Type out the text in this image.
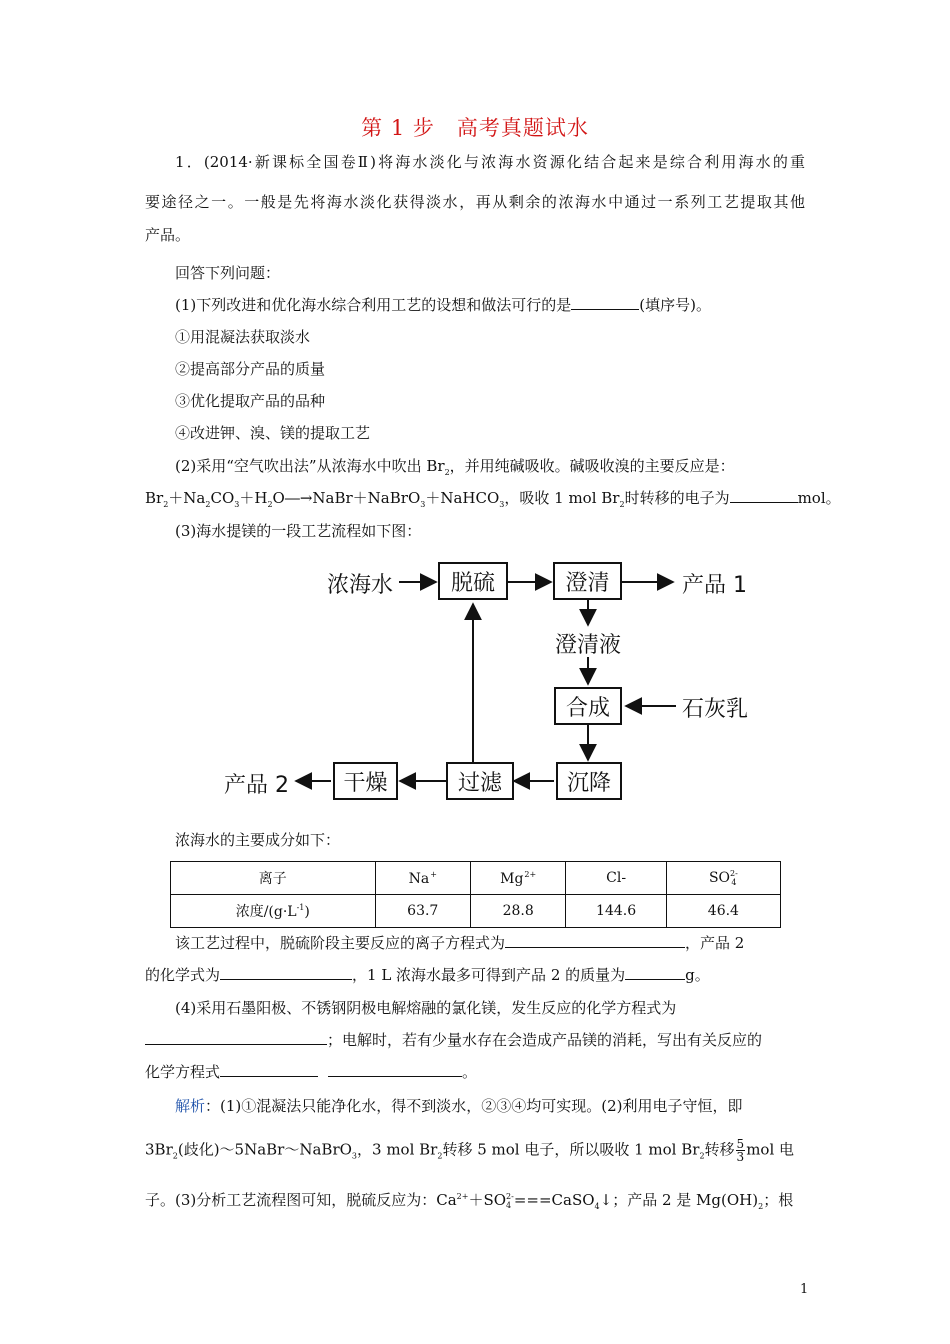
第 1 步　高考真题试水
1．(2014·新课标全国卷Ⅱ)将海水淡化与浓海水资源化结合起来是综合利用海水的重
要途径之一。一般是先将海水淡化获得淡水，再从剩余的浓海水中通过一系列工艺提取其他
产品。
回答下列问题：
(1)下列改进和优化海水综合利用工艺的设想和做法可行的是	(填序号)。
①用混凝法获取淡水
②提高部分产品的质量
③优化提取产品的品种
④改进钾、溴、镁的提取工艺
(2)采用“空气吹出法”从浓海水中吹出 $Br_2$，并用纯碱吸收。碱吸收溴的主要反应是：
$Br_2+Na_2CO_3+H_2O―\to NaBr+NaBrO_3+NaHCO_3$，吸收 1 mol $Br_2$时转移的电子为	mol。
(3)海水提镁的一段工艺流程如下图：
浓海水	脱硫	澄清	产品 1
澄清液
合成	石灰乳
沉降
过滤
干燥
产品 2
浓海水的主要成分如下：
离子	Na+	$Mg^{2+}$	Cl-	SO 2-
4

浓度$/(g\cdot L^{-1})$	63.7	28.8	144.6	46.4
该工艺过程中，脱硫阶段主要反应的离子方程式为	，产品 2
的化学式为	，1 L 浓海水最多可得到产品 2 的质量为	g。
(4)采用石墨阳极、不锈钢阴极电解熔融的氯化镁，发生反应的化学方程式为
；电解时，若有少量水存在会造成产品镁的消耗，写出有关反应的
化学方程式	。
解析：(1)①混凝法只能净化水，得不到淡水，②③④均可实现。(2)利用电子守恒，即
$3Br_2$(歧化)～5NaBr～NaBrO$_3$，3 mol $Br_2$转移 5 mol 电子，所以吸收 1 mol $Br_2$转移 $\frac{5}{3}$ mol 电
子。(3)分析工艺流程图可知，脱硫反应为：$Ca^{2+}+SO$ 2-
4 ===CaSO$_4$↓；产品 2 是 $Mg(OH)_2$；根
1
